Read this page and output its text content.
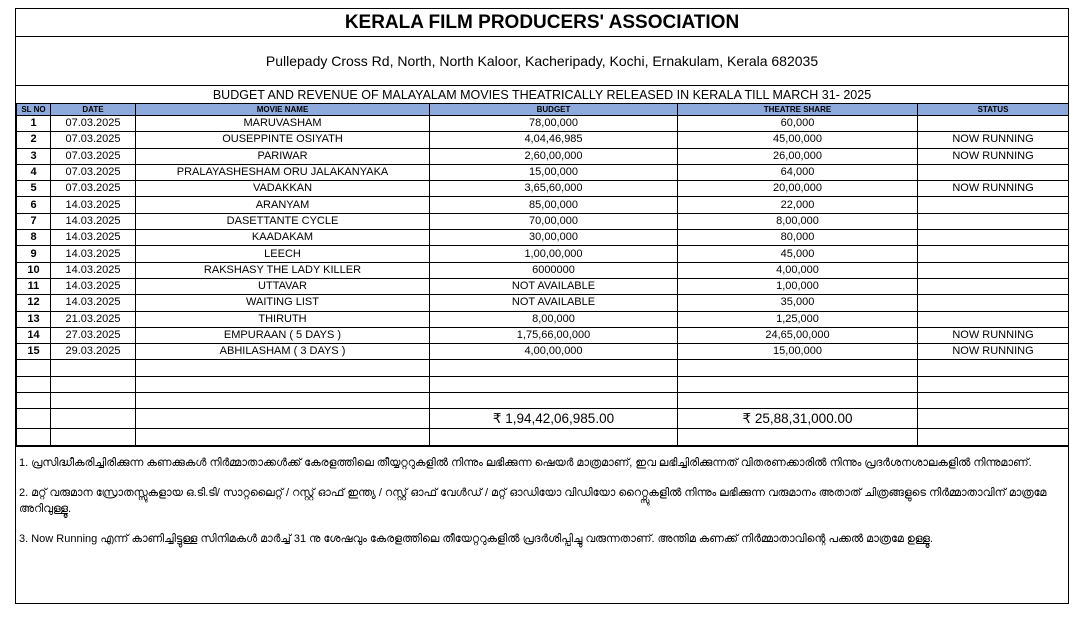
KERALA FILM PRODUCERS' ASSOCIATION
Pullepady Cross Rd, North, North Kaloor, Kacheripady, Kochi, Ernakulam, Kerala 682035
BUDGET AND REVENUE OF MALAYALAM MOVIES THEATRICALLY RELEASED IN KERALA TILL MARCH 31- 2025
SL NO	DATE	MOVIE NAME	BUDGET	THEATRE SHARE	STATUS
1	07.03.2025	MARUVASHAM	78,00,000	60,000	
2	07.03.2025	OUSEPPINTE OSIYATH	4,04,46,985	45,00,000	NOW RUNNING
3	07.03.2025	PARIWAR	2,60,00,000	26,00,000	NOW RUNNING
4	07.03.2025	PRALAYASHESHAM ORU JALAKANYAKA	15,00,000	64,000	
5	07.03.2025	VADAKKAN	3,65,60,000	20,00,000	NOW RUNNING
6	14.03.2025	ARANYAM	85,00,000	22,000	
7	14.03.2025	DASETTANTE CYCLE	70,00,000	8,00,000	
8	14.03.2025	KAADAKAM	30,00,000	80,000	
9	14.03.2025	LEECH	1,00,00,000	45,000	
10	14.03.2025	RAKSHASY THE LADY KILLER	6000000	4,00,000	
11	14.03.2025	UTTAVAR	NOT AVAILABLE	1,00,000	
12	14.03.2025	WAITING LIST	NOT AVAILABLE	35,000	
13	21.03.2025	THIRUTH	8,00,000	1,25,000	
14	27.03.2025	EMPURAAN ( 5 DAYS )	1,75,66,00,000	24,65,00,000	NOW RUNNING
15	29.03.2025	ABHILASHAM ( 3 DAYS )	4,00,00,000	15,00,000	NOW RUNNING

			₹ 1,94,42,06,985.00	₹ 25,88,31,000.00	

1. പ്രസിദ്ധീകരിച്ചിരിക്കുന്ന കണക്കുകൾ നിർമ്മാതാക്കൾക്ക് കേരളത്തിലെ തീയ്യറ്ററുകളിൽ നിന്നും ലഭിക്കുന്ന ഷെയർ മാത്രമാണ്, ഇവ ലഭിച്ചിരിക്കുന്നത് വിതരണക്കാരിൽ നിന്നും പ്രദർശനശാലകളിൽ നിന്നുമാണ്.
2. മറ്റ് വരുമാന സ്രോതസ്സുകളായ ഒ.ടി.ടി/ സാറ്റലൈറ്റ് / റസ്റ്റ് ഓഫ് ഇന്ത്യ / റസ്റ്റ് ഓഫ് വേൾഡ് / മറ്റ് ഓഡിയോ വിഡിയോ റൈറ്റ്സുകളിൽ നിന്നും ലഭിക്കുന്ന വരുമാനം അതാത് ചിത്രങ്ങളുടെ നിർമ്മാതാവിന് മാത്രമേ അറിവുള്ളൂ.
3. Now Running എന്ന് കാണിച്ചിട്ടുള്ള സിനിമകൾ മാർച്ച് 31 നു ശേഷവും കേരളത്തിലെ തീയേറ്ററുകളിൽ പ്രദർശിപ്പിച്ചു വരുന്നതാണ്. അന്തിമ കണക്ക് നിർമ്മാതാവിന്റെ പക്കൽ മാത്രമേ ഉള്ളൂ.
